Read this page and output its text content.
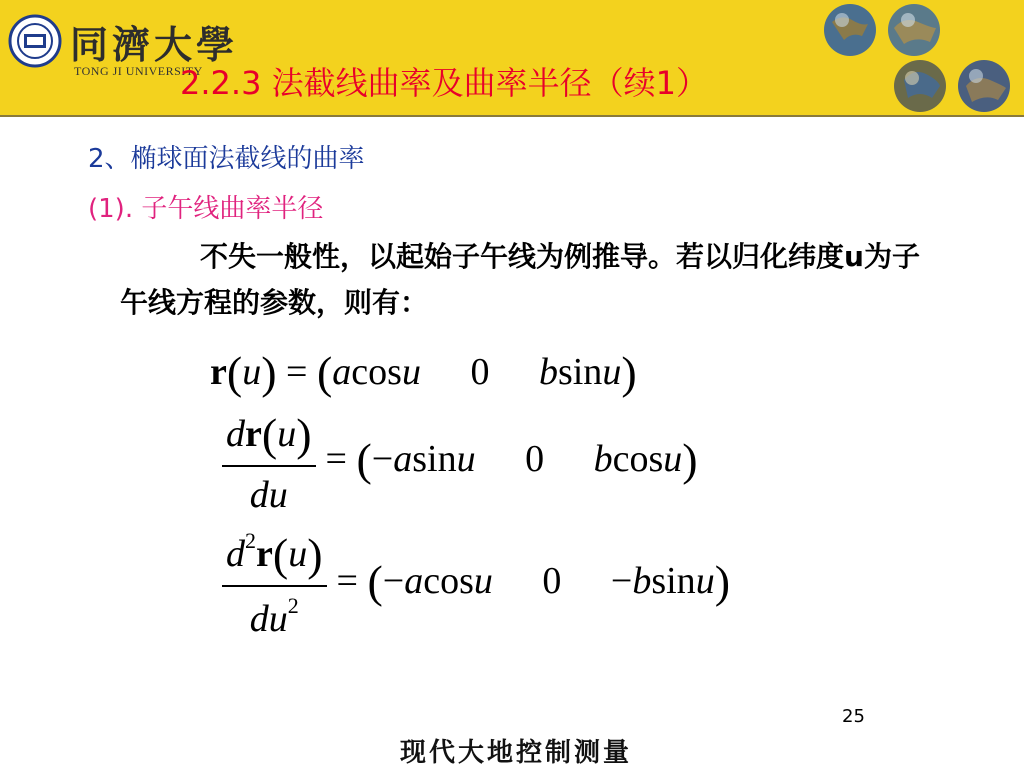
同濟大學
TONG JI UNIVERSITY
2.2.3 法截线曲率及曲率半径（续1）
2、椭球面法截线的曲率
(1). 子午线曲率半径
不失一般性，以起始子午线为例推导。若以归化纬度u为子午线方程的参数，则有：
r(u) = (acosu 0 bsinu)
$\frac{dr(u)}{du} = (-asinu$ 0 bcosu)
$\frac{d^2r(u)}{du^2} = (-acosu$ 0 −bsinu)
25
现代大地控制测量
